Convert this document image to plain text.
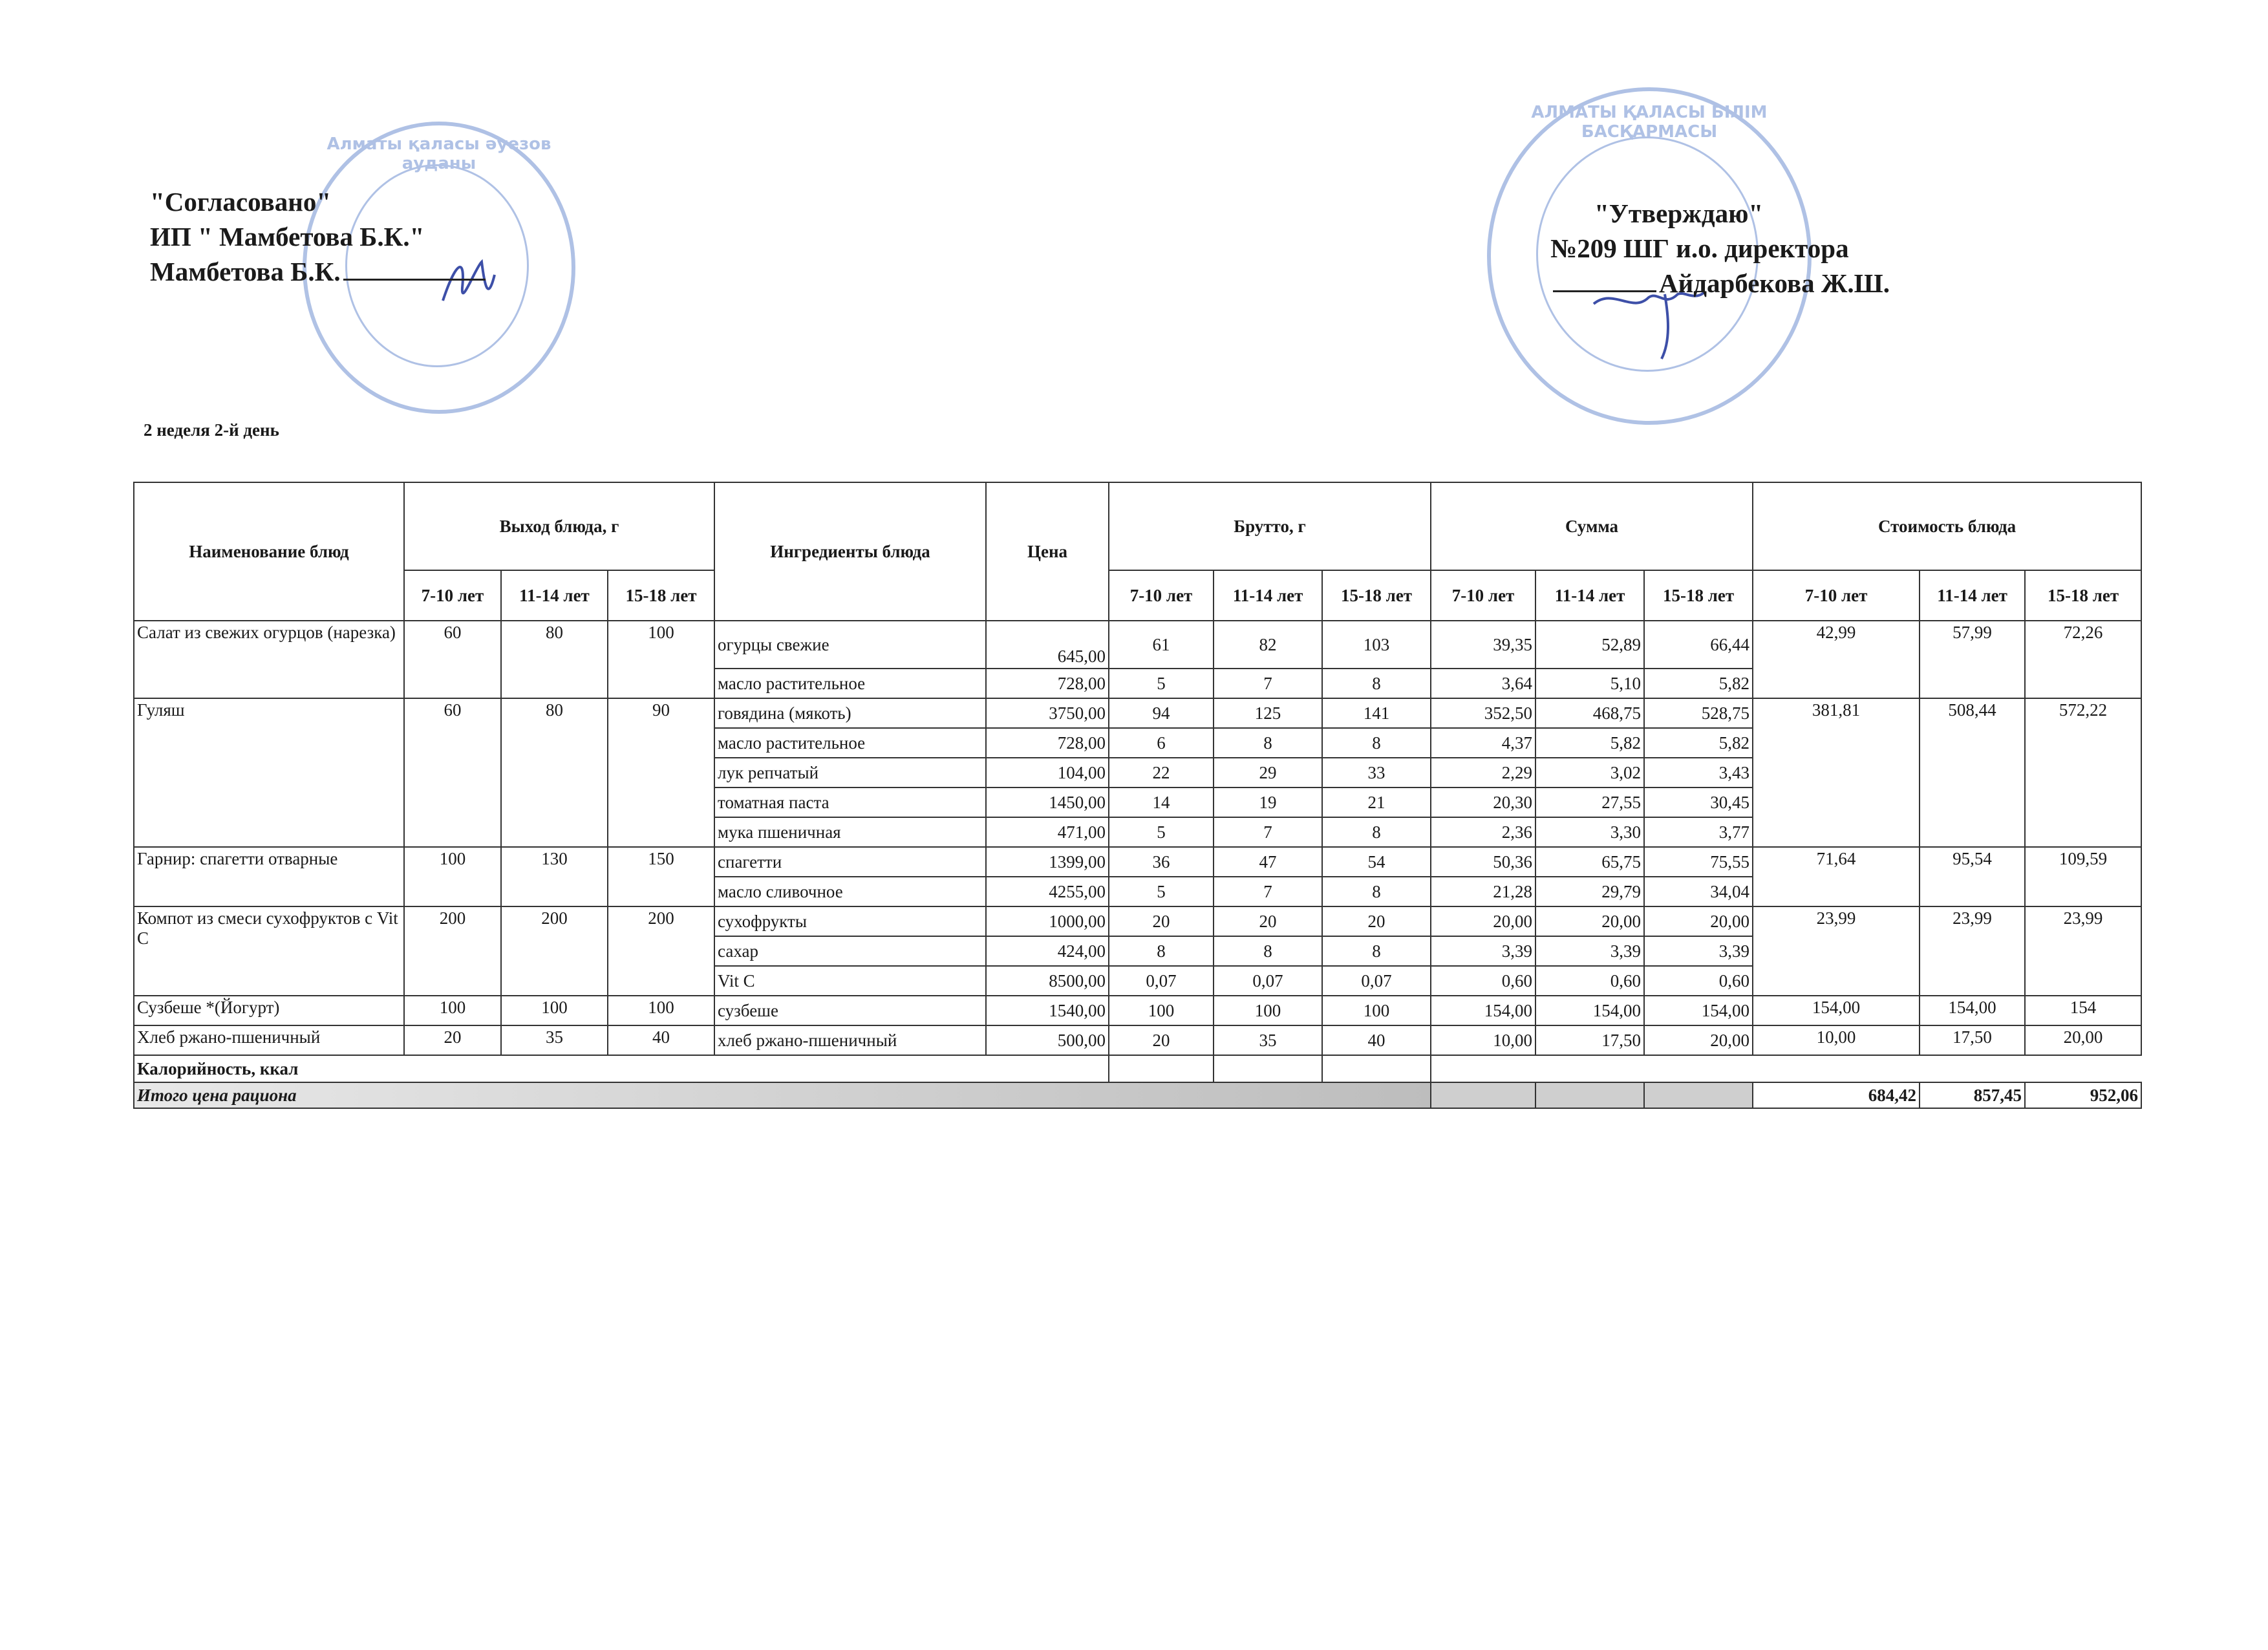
Алматы қаласы әуезов ауданы
АЛМАТЫ ҚАЛАСЫ БІЛІМ БАСҚАРМАСЫ
"Согласовано"
ИП " Мамбетова Б.К."
Мамбетова Б.К.
"Утверждаю"
№209 ШГ и.о. директора
Айдарбекова Ж.Ш.
2 неделя 2-й день
Наименование блюд	Выход блюда, г			Ингредиенты блюда	Цена	Брутто, г			Сумма			Стоимость блюда		
	7-10 лет	11-14 лет	15-18 лет			7-10 лет	11-14 лет	15-18 лет	7-10 лет	11-14 лет	15-18 лет	7-10 лет	11-14 лет	15-18 лет
Салат из свежих огурцов (нарезка)	60	80	100	огурцы свежие	645,00	61	82	103	39,35	52,89	66,44	42,99	57,99	72,26
				масло растительное	728,00	5	7	8	3,64	5,10	5,82			
Гуляш	60	80	90	говядина (мякоть)	3750,00	94	125	141	352,50	468,75	528,75	381,81	508,44	572,22
				масло растительное	728,00	6	8	8	4,37	5,82	5,82			
				лук репчатый	104,00	22	29	33	2,29	3,02	3,43			
				томатная паста	1450,00	14	19	21	20,30	27,55	30,45			
				мука пшеничная	471,00	5	7	8	2,36	3,30	3,77			
Гарнир: спагетти отварные	100	130	150	спагетти	1399,00	36	47	54	50,36	65,75	75,55	71,64	95,54	109,59
				масло сливочное	4255,00	5	7	8	21,28	29,79	34,04			
Компот из смеси сухофруктов с Vit C	200	200	200	сухофрукты	1000,00	20	20	20	20,00	20,00	20,00	23,99	23,99	23,99
				сахар	424,00	8	8	8	3,39	3,39	3,39			
				Vit C	8500,00	0,07	0,07	0,07	0,60	0,60	0,60			
Сузбеше *(Йогурт)	100	100	100	сузбеше	1540,00	100	100	100	154,00	154,00	154,00	154,00	154,00	154
Хлеб ржано-пшеничный	20	35	40	хлеб ржано-пшеничный	500,00	20	35	40	10,00	17,50	20,00	10,00	17,50	20,00
Калорийность, ккал														
Итого цена рациона												684,42	857,45	952,06
